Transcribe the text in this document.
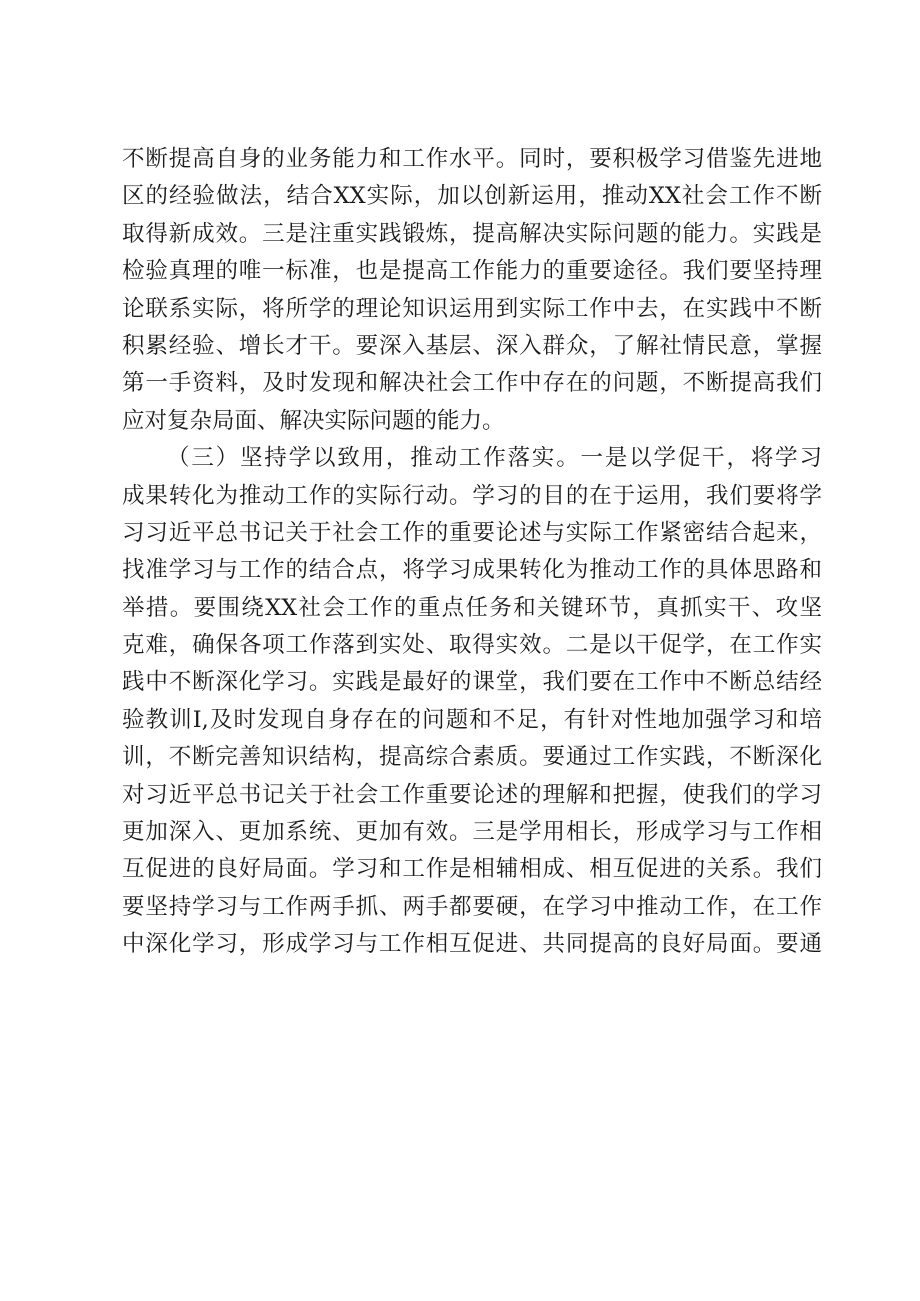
不断提高自身的业务能力和工作水平。同时，要积极学习借鉴先进地
区的经验做法，结合XX实际，加以创新运用，推动XX社会工作不断
取得新成效。三是注重实践锻炼，提高解决实际问题的能力。实践是
检验真理的唯一标准，也是提高工作能力的重要途径。我们要坚持理
论联系实际，将所学的理论知识运用到实际工作中去，在实践中不断
积累经验、增长才干。要深入基层、深入群众，了解社情民意，掌握
第一手资料，及时发现和解决社会工作中存在的问题，不断提高我们
应对复杂局面、解决实际问题的能力。
（三）坚持学以致用，推动工作落实。一是以学促干，将学习
成果转化为推动工作的实际行动。学习的目的在于运用，我们要将学
习习近平总书记关于社会工作的重要论述与实际工作紧密结合起来，
找准学习与工作的结合点，将学习成果转化为推动工作的具体思路和
举措。要围绕XX社会工作的重点任务和关键环节，真抓实干、攻坚
克难，确保各项工作落到实处、取得实效。二是以干促学，在工作实
践中不断深化学习。实践是最好的课堂，我们要在工作中不断总结经
验教训I,及时发现自身存在的问题和不足，有针对性地加强学习和培
训，不断完善知识结构，提高综合素质。要通过工作实践，不断深化
对习近平总书记关于社会工作重要论述的理解和把握，使我们的学习
更加深入、更加系统、更加有效。三是学用相长，形成学习与工作相
互促进的良好局面。学习和工作是相辅相成、相互促进的关系。我们
要坚持学习与工作两手抓、两手都要硬，在学习中推动工作，在工作
中深化学习，形成学习与工作相互促进、共同提高的良好局面。要通
